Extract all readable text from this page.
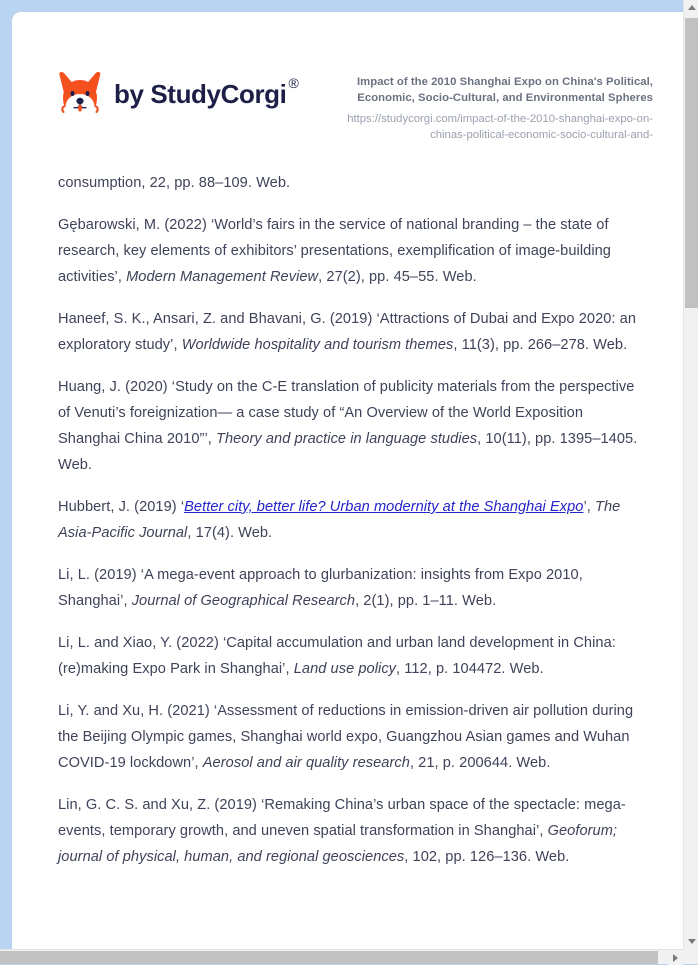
by StudyCorgi ®	Impact of the 2010 Shanghai Expo on China's Political, Economic, Socio-Cultural, and Environmental Spheres

https://studycorgi.com/impact-of-the-2010-shanghai-expo-on-chinas-political-economic-socio-cultural-and-

consumption, 22, pp. 88–109. Web.

Gębarowski, M. (2022) ‘World’s fairs in the service of national branding – the state of research, key elements of exhibitors’ presentations, exemplification of image-building activities’, Modern Management Review, 27(2), pp. 45–55. Web.

Haneef, S. K., Ansari, Z. and Bhavani, G. (2019) ‘Attractions of Dubai and Expo 2020: an exploratory study’, Worldwide hospitality and tourism themes, 11(3), pp. 266–278. Web.

Huang, J. (2020) ‘Study on the C-E translation of publicity materials from the perspective of Venuti’s foreignization— a case study of “An Overview of the World Exposition Shanghai China 2010”’, Theory and practice in language studies, 10(11), pp. 1395–1405. Web.

Hubbert, J. (2019) ‘Better city, better life? Urban modernity at the Shanghai Expo’, The Asia-Pacific Journal, 17(4). Web.

Li, L. (2019) ‘A mega-event approach to glurbanization: insights from Expo 2010, Shanghai’, Journal of Geographical Research, 2(1), pp. 1–11. Web.

Li, L. and Xiao, Y. (2022) ‘Capital accumulation and urban land development in China: (re)making Expo Park in Shanghai’, Land use policy, 112, p. 104472. Web.

Li, Y. and Xu, H. (2021) ‘Assessment of reductions in emission-driven air pollution during the Beijing Olympic games, Shanghai world expo, Guangzhou Asian games and Wuhan COVID-19 lockdown’, Aerosol and air quality research, 21, p. 200644. Web.

Lin, G. C. S. and Xu, Z. (2019) ‘Remaking China’s urban space of the spectacle: mega-events, temporary growth, and uneven spatial transformation in Shanghai’, Geoforum; journal of physical, human, and regional geosciences, 102, pp. 126–136. Web.
